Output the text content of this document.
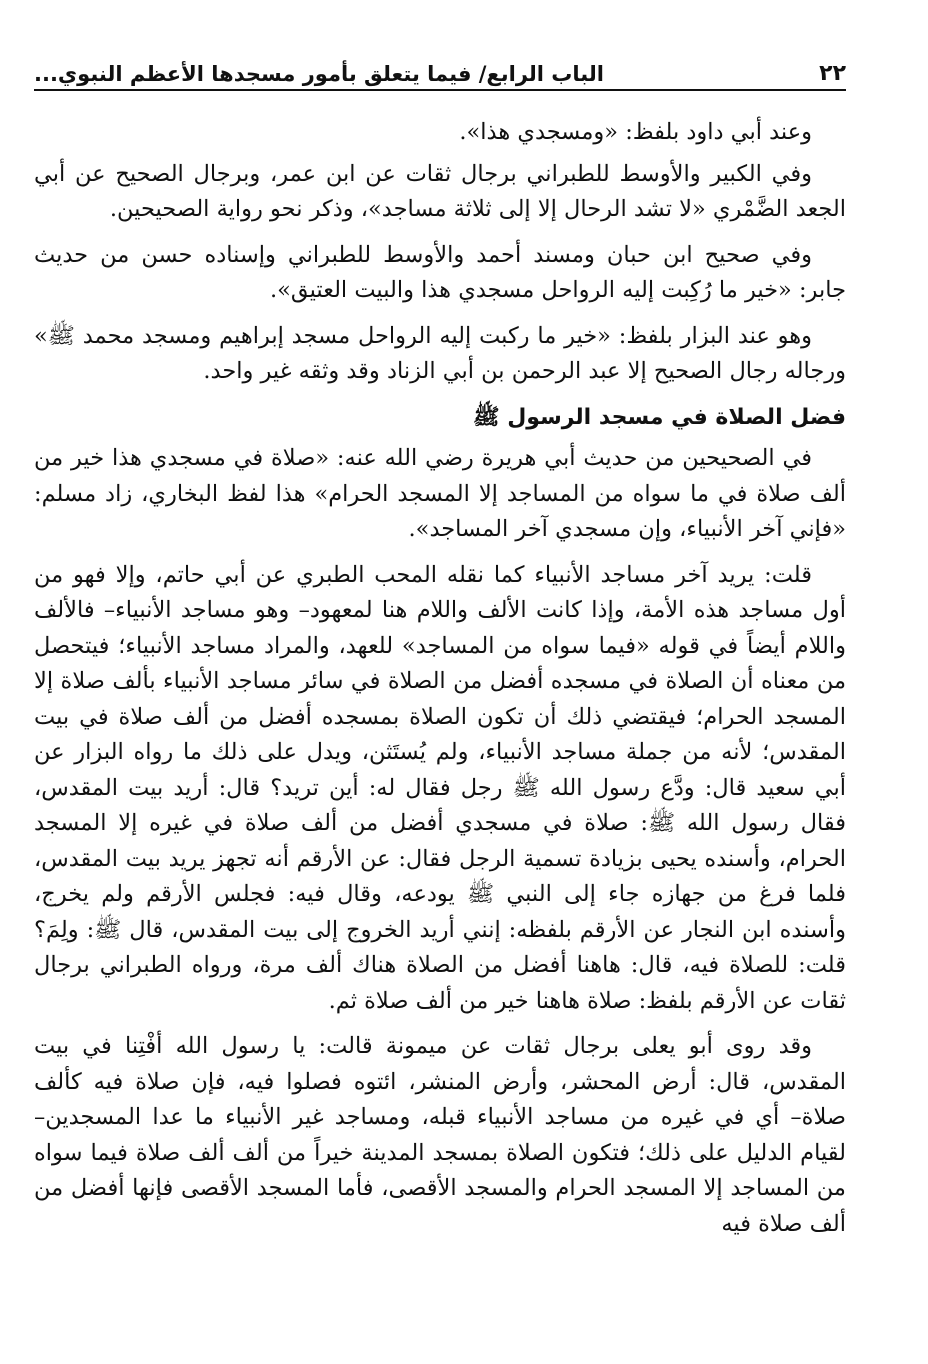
٢٢
الباب الرابع/ فيما يتعلق بأمور مسجدها الأعظم النبوي...

وعند أبي داود بلفظ: «ومسجدي هذا».

وفي الكبير والأوسط للطبراني برجال ثقات عن ابن عمر، وبرجال الصحيح عن أبي الجعد الضَّمْري «لا تشد الرحال إلا إلى ثلاثة مساجد»، وذكر نحو رواية الصحيحين.

وفي صحيح ابن حبان ومسند أحمد والأوسط للطبراني وإسناده حسن من حديث جابر: «خير ما رُكِبت إليه الرواحل مسجدي هذا والبيت العتيق».

وهو عند البزار بلفظ: «خير ما ركبت إليه الرواحل مسجد إبراهيم ومسجد محمد ﷺ» ورجاله رجال الصحيح إلا عبد الرحمن بن أبي الزناد وقد وثقه غير واحد.

فضل الصلاة في مسجد الرسول ﷺ

في الصحيحين من حديث أبي هريرة رضي الله عنه: «صلاة في مسجدي هذا خير من ألف صلاة في ما سواه من المساجد إلا المسجد الحرام» هذا لفظ البخاري، زاد مسلم: «فإني آخر الأنبياء، وإن مسجدي آخر المساجد».

قلت: يريد آخر مساجد الأنبياء كما نقله المحب الطبري عن أبي حاتم، وإلا فهو من أول مساجد هذه الأمة، وإذا كانت الألف واللام هنا لمعهود– وهو مساجد الأنبياء– فالألف واللام أيضاً في قوله «فيما سواه من المساجد» للعهد، والمراد مساجد الأنبياء؛ فيتحصل من معناه أن الصلاة في مسجده أفضل من الصلاة في سائر مساجد الأنبياء بألف صلاة إلا المسجد الحرام؛ فيقتضي ذلك أن تكون الصلاة بمسجده أفضل من ألف صلاة في بيت المقدس؛ لأنه من جملة مساجد الأنبياء، ولم يُستَثن، ويدل على ذلك ما رواه البزار عن أبي سعيد قال: ودَّع رسول الله ﷺ رجل فقال له: أين تريد؟ قال: أريد بيت المقدس، فقال رسول الله ﷺ: صلاة في مسجدي أفضل من ألف صلاة في غيره إلا المسجد الحرام، وأسنده يحيى بزيادة تسمية الرجل فقال: عن الأرقم أنه تجهز يريد بيت المقدس، فلما فرغ من جهازه جاء إلى النبي ﷺ يودعه، وقال فيه: فجلس الأرقم ولم يخرج، وأسنده ابن النجار عن الأرقم بلفظه: إنني أريد الخروج إلى بيت المقدس، قال ﷺ: ولِمَ؟ قلت: للصلاة فيه، قال: هاهنا أفضل من الصلاة هناك ألف مرة، ورواه الطبراني برجال ثقات عن الأرقم بلفظ: صلاة هاهنا خير من ألف صلاة ثم.

وقد روى أبو يعلى برجال ثقات عن ميمونة قالت: يا رسول الله أفْتِنا في بيت المقدس، قال: أرض المحشر، وأرض المنشر، ائتوه فصلوا فيه، فإن صلاة فيه كألف صلاة– أي في غيره من مساجد الأنبياء قبله، ومساجد غير الأنبياء ما عدا المسجدين– لقيام الدليل على ذلك؛ فتكون الصلاة بمسجد المدينة خيراً من ألف ألف صلاة فيما سواه من المساجد إلا المسجد الحرام والمسجد الأقصى، فأما المسجد الأقصى فإنها أفضل من ألف صلاة فيه
